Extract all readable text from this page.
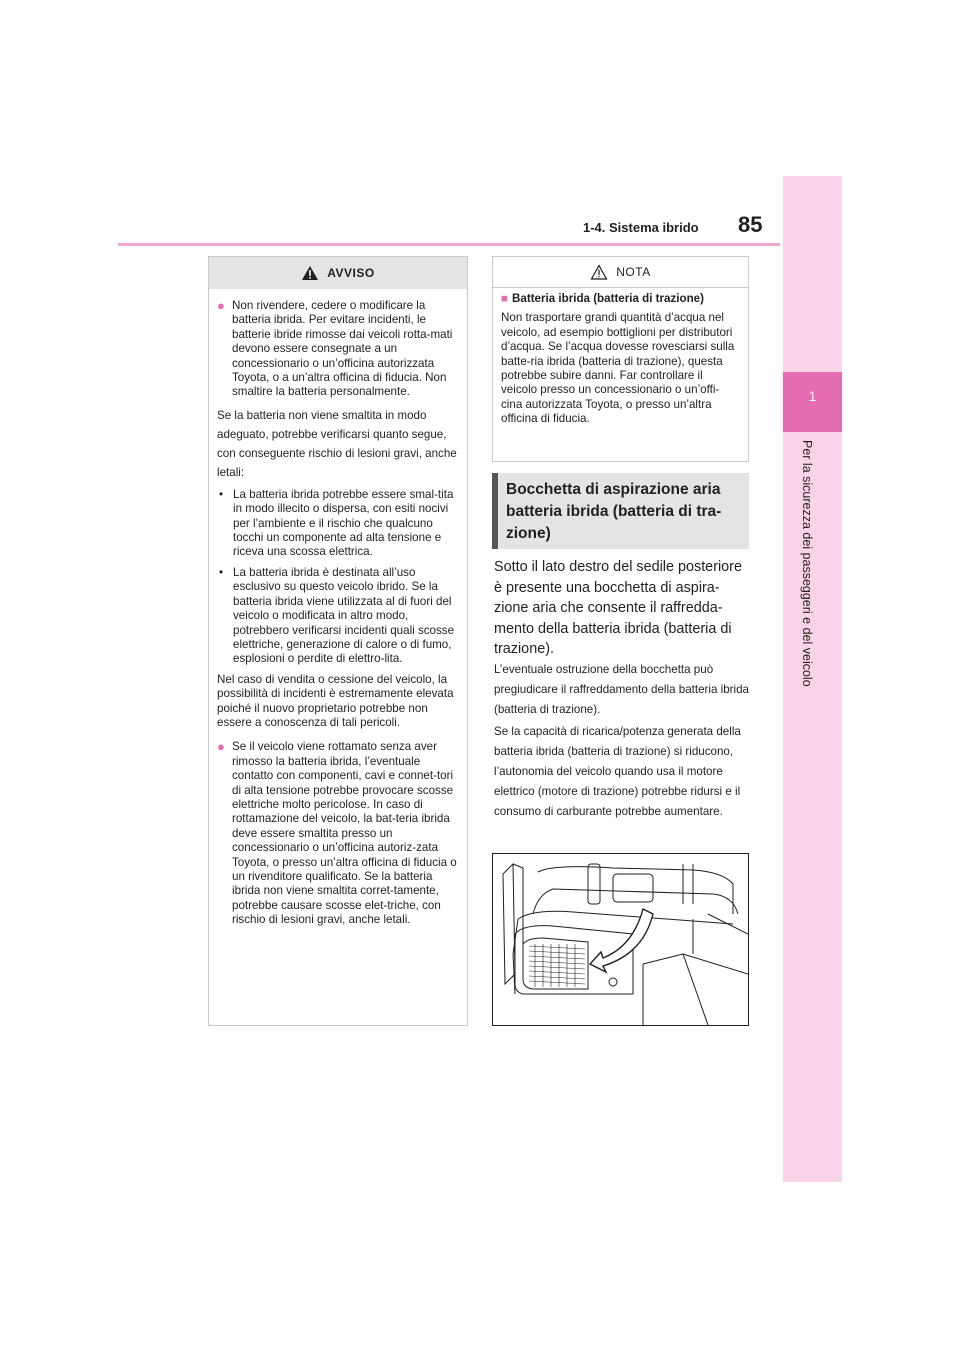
1
Per la sicurezza dei passeggeri e del veicolo
85
1-4. Sistema ibrido
AVVISO
● Non rivendere, cedere o modificare la batteria ibrida. Per evitare incidenti, le batterie ibride rimosse dai veicoli rotta-mati devono essere consegnate a un concessionario o un’officina autorizzata Toyota, o a un’altra officina di fiducia. Non smaltire la batteria personalmente.

Se la batteria non viene smaltita in modo adeguato, potrebbe verificarsi quanto segue, con conseguente rischio di lesioni gravi, anche letali:

• La batteria ibrida potrebbe essere smal-tita in modo illecito o dispersa, con esiti nocivi per l’ambiente e il rischio che qualcuno tocchi un componente ad alta tensione e riceva una scossa elettrica.
• La batteria ibrida è destinata all’uso esclusivo su questo veicolo ibrido. Se la batteria ibrida viene utilizzata al di fuori del veicolo o modificata in altro modo, potrebbero verificarsi incidenti quali scosse elettriche, generazione di calore o di fumo, esplosioni o perdite di elettro-lita.

Nel caso di vendita o cessione del veicolo, la possibilità di incidenti è estremamente elevata poiché il nuovo proprietario potrebbe non essere a conoscenza di tali pericoli.

● Se il veicolo viene rottamato senza aver rimosso la batteria ibrida, l’eventuale contatto con componenti, cavi e connet-tori di alta tensione potrebbe provocare scosse elettriche molto pericolose. In caso di rottamazione del veicolo, la bat-teria ibrida deve essere smaltita presso un concessionario o un’officina autoriz-zata Toyota, o presso un’altra officina di fiducia o un rivenditore qualificato. Se la batteria ibrida non viene smaltita corret-tamente, potrebbe causare scosse elet-triche, con rischio di lesioni gravi, anche letali.
NOTA
■ Batteria ibrida (batteria di trazione)
Non trasportare grandi quantità d’acqua nel veicolo, ad esempio bottiglioni per distributori d’acqua. Se l’acqua dovesse rovesciarsi sulla batte-ria ibrida (batteria di trazione), questa potrebbe subire danni. Far controllare il veicolo presso un concessionario o un’offi-cina autorizzata Toyota, o presso un’altra officina di fiducia.
Bocchetta di aspirazione aria batteria ibrida (batteria di tra-zione)
Sotto il lato destro del sedile posteriore è presente una bocchetta di aspira-zione aria che consente il raffredda-mento della batteria ibrida (batteria di trazione).

L’eventuale ostruzione della bocchetta può pregiudicare il raffreddamento della batteria ibrida (batteria di trazione).

Se la capacità di ricarica/potenza generata della batteria ibrida (batteria di trazione) si riducono, l’autonomia del veicolo quando usa il motore elettrico (motore di trazione) potrebbe ridursi e il consumo di carburante potrebbe aumentare.
